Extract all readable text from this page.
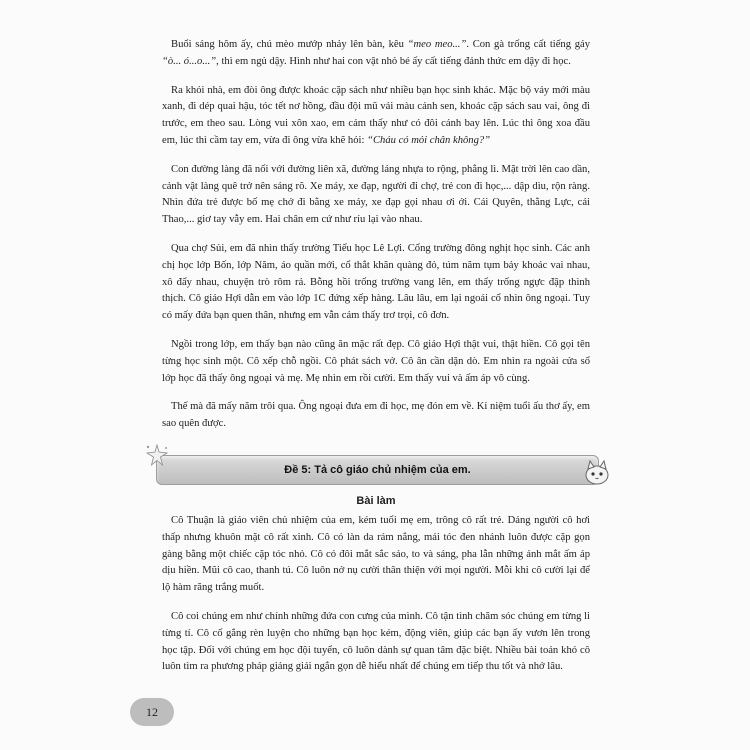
Buổi sáng hôm ấy, chú mèo mướp nhảy lên bàn, kêu “meo meo...”. Con gà trống cất tiếng gáy “ò... ó...o...”, thì em ngủ dậy. Hình như hai con vật nhỏ bé ấy cất tiếng đánh thức em dậy đi học.

Ra khỏi nhà, em đòi ông được khoác cặp sách như nhiều bạn học sinh khác. Mặc bộ váy mới màu xanh, đi dép quai hậu, tóc tết nơ hồng, đầu đội mũ vải màu cánh sen, khoác cặp sách sau vai, ông đi trước, em theo sau. Lòng vui xôn xao, em cảm thấy như có đôi cánh bay lên. Lúc thì ông xoa đầu em, lúc thì cầm tay em, vừa đi ông vừa khẽ hỏi: “Cháu có mỏi chân không?”

Con đường làng đã nối với đường liên xã, đường láng nhựa to rộng, phẳng lì. Mặt trời lên cao dần, cảnh vật làng quê trở nên sáng rõ. Xe máy, xe đạp, người đi chợ, trẻ con đi học,... dập dìu, rộn ràng. Nhìn đứa trẻ được bố mẹ chở đi bằng xe máy, xe đạp gọi nhau ơi ới. Cái Quyên, thằng Lực, cái Thao,... giơ tay vẫy em. Hai chân em cứ như ríu lại vào nhau.

Qua chợ Sủi, em đã nhìn thấy trường Tiểu học Lê Lợi. Cổng trường đông nghịt học sinh. Các anh chị học lớp Bốn, lớp Năm, áo quần mới, cổ thắt khăn quàng đỏ, túm năm tụm bảy khoác vai nhau, xô đẩy nhau, chuyện trò rôm rả. Bỗng hồi trống trường vang lên, em thấy trống ngực đập thình thịch. Cô giáo Hợi dẫn em vào lớp 1C đứng xếp hàng. Lâu lâu, em lại ngoái cổ nhìn ông ngoại. Tuy có mấy đứa bạn quen thân, nhưng em vẫn cảm thấy trơ trọi, cô đơn.

Ngồi trong lớp, em thấy bạn nào cũng ăn mặc rất đẹp. Cô giáo Hợi thật vui, thật hiền. Cô gọi tên từng học sinh một. Cô xếp chỗ ngồi. Cô phát sách vở. Cô ân cần dặn dò. Em nhìn ra ngoài cửa sổ lớp học đã thấy ông ngoại và mẹ. Mẹ nhìn em rồi cười. Em thấy vui và ấm áp vô cùng.

Thế mà đã mấy năm trôi qua. Ông ngoại đưa em đi học, mẹ đón em về. Kỉ niệm tuổi ấu thơ ấy, em sao quên được.

Đề 5: Tả cô giáo chủ nhiệm của em.
Bài làm

Cô Thuận là giáo viên chủ nhiệm của em, kém tuổi mẹ em, trông cô rất trẻ. Dáng người cô hơi thấp nhưng khuôn mặt cô rất xinh. Cô có làn da rám nắng, mái tóc đen nhánh luôn được cặp gọn gàng bằng một chiếc cặp tóc nhỏ. Cô có đôi mắt sắc sảo, to và sáng, pha lẫn những ánh mắt ấm áp dịu hiền. Mũi cô cao, thanh tú. Cô luôn nở nụ cười thân thiện với mọi người. Mỗi khi cô cười lại để lộ hàm răng trắng muốt.

Cô coi chúng em như chính những đứa con cưng của mình. Cô tận tình chăm sóc chúng em từng li từng tí. Cô cố gắng rèn luyện cho những bạn học kém, động viên, giúp các bạn ấy vươn lên trong học tập. Đối với chúng em học đội tuyển, cô luôn dành sự quan tâm đặc biệt. Nhiều bài toán khó cô luôn tìm ra phương pháp giảng giải ngắn gọn dễ hiểu nhất để chúng em tiếp thu tốt và nhớ lâu.

12
